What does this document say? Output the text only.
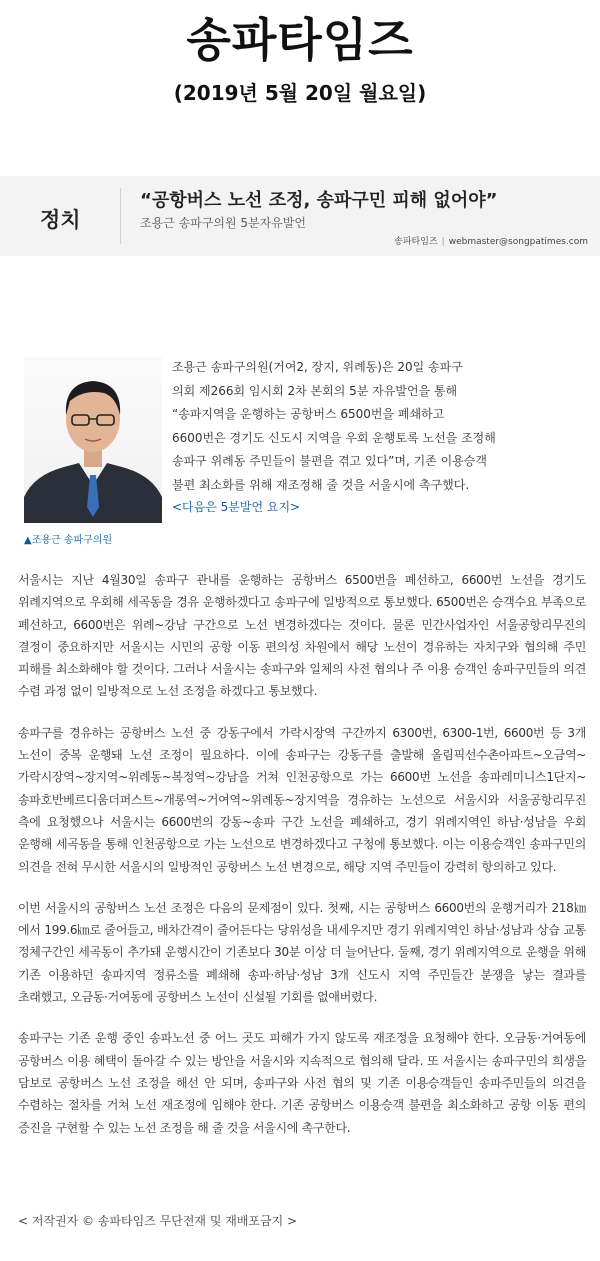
송파타임즈
(2019년 5월 20일 월요일)
정치
“공항버스 노선 조정, 송파구민 피해 없어야”
조용근 송파구의원 5분자유발언
송파타임즈 | webmaster@songpatimes.com
▲조용근 송파구의원

조용근 송파구의원(거여2, 장지, 위례동)은 20일 송파구

의회 제266회 임시회 2차 본회의 5분 자유발언을 통해

“송파지역을 운행하는 공항버스 6500번을 폐쇄하고

6600번은 경기도 신도시 지역을 우회 운행토록 노선을 조정해

송파구 위례동 주민들이 불편을 겪고 있다”며, 기존 이용승객

불편 최소화를 위해 재조정해 줄 것을 서울시에 촉구했다.

<다음은 5분발언 요지>

서울시는 지난 4월30일 송파구 관내를 운행하는 공항버스 6500번을 폐선하고, 6600번 노선을 경기도 위례지역으로 우회해 세곡동을 경유 운행하겠다고 송파구에 일방적으로 통보했다. 6500번은 승객수요 부족으로 폐선하고, 6600번은 위례~강남 구간으로 노선 변경하겠다는 것이다. 물론 민간사업자인 서울공항리무진의 결정이 중요하지만 서울시는 시민의 공항 이동 편의성 차원에서 해당 노선이 경유하는 자치구와 협의해 주민 피해를 최소화해야 할 것이다. 그러나 서울시는 송파구와 일체의 사전 협의나 주 이용 승객인 송파구민들의 의견 수렴 과정 없이 일방적으로 노선 조정을 하겠다고 통보했다.

송파구를 경유하는 공항버스 노선 중 강동구에서 가락시장역 구간까지 6300번, 6300-1번, 6600번 등 3개 노선이 중복 운행돼 노선 조정이 필요하다. 이에 송파구는 강동구를 출발해 올림픽선수촌아파트~오금역~가락시장역~장지역~위례동~복정역~강남을 거쳐 인천공항으로 가는 6600번 노선을 송파레미니스1단지~송파호반베르디움더퍼스트~개롱역~거여역~위례동~장지역을 경유하는 노선으로 서울시와 서울공항리무진 측에 요청했으나 서울시는 6600번의 강동~송파 구간 노선을 폐쇄하고, 경기 위례지역인 하남·성남을 우회 운행해 세곡동을 통해 인천공항으로 가는 노선으로 변경하겠다고 구청에 통보했다. 이는 이용승객인 송파구민의 의견을 전혀 무시한 서울시의 일방적인 공항버스 노선 변경으로, 해당 지역 주민들이 강력히 항의하고 있다.

이번 서울시의 공항버스 노선 조정은 다음의 문제점이 있다. 첫째, 시는 공항버스 6600번의 운행거리가 218㎞에서 199.6㎞로 줄어들고, 배차간격이 줄어든다는 당위성을 내세우지만 경기 위례지역인 하남·성남과 상습 교통 정체구간인 세곡동이 추가돼 운행시간이 기존보다 30분 이상 더 늘어난다. 둘째, 경기 위례지역으로 운행을 위해 기존 이용하던 송파지역 정류소를 폐쇄해 송파·하남·성남 3개 신도시 지역 주민들간 분쟁을 낳는 결과를 초래했고, 오금동·거여동에 공항버스 노선이 신설될 기회를 없애버렸다.

송파구는 기존 운행 중인 송파노선 중 어느 곳도 피해가 가지 않도록 재조정을 요청해야 한다. 오금동·거여동에 공항버스 이용 혜택이 돌아갈 수 있는 방안을 서울시와 지속적으로 협의해 달라. 또 서울시는 송파구민의 희생을 담보로 공항버스 노선 조정을 해선 안 되며, 송파구와 사전 협의 및 기존 이용승객들인 송파주민들의 의견을 수렴하는 절차를 거쳐 노선 재조정에 임해야 한다. 기존 공항버스 이용승객 불편을 최소화하고 공항 이동 편의 증진을 구현할 수 있는 노선 조정을 해 줄 것을 서울시에 촉구한다.

< 저작권자 © 송파타임즈 무단전재 및 재배포금지 >
